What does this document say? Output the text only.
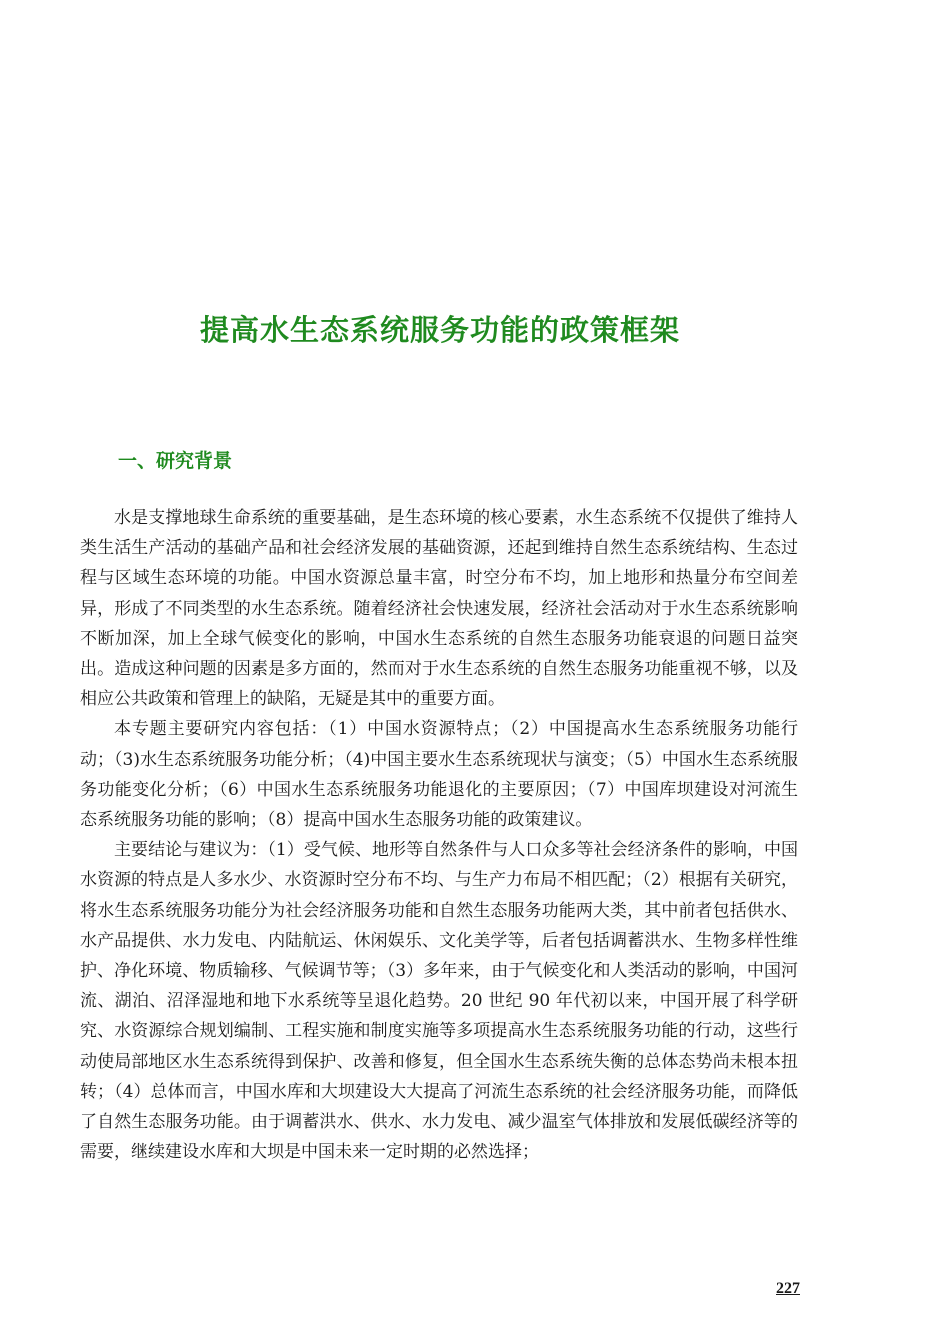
提高水生态系统服务功能的政策框架
一、研究背景

水是支撑地球生命系统的重要基础，是生态环境的核心要素，水生态系统不仅提供了维持人类生活生产活动的基础产品和社会经济发展的基础资源，还起到维持自然生态系统结构、生态过程与区域生态环境的功能。中国水资源总量丰富，时空分布不均，加上地形和热量分布空间差异，形成了不同类型的水生态系统。随着经济社会快速发展，经济社会活动对于水生态系统影响不断加深，加上全球气候变化的影响，中国水生态系统的自然生态服务功能衰退的问题日益突出。造成这种问题的因素是多方面的，然而对于水生态系统的自然生态服务功能重视不够，以及相应公共政策和管理上的缺陷，无疑是其中的重要方面。

本专题主要研究内容包括：（1）中国水资源特点；（2）中国提高水生态系统服务功能行动；（3)水生态系统服务功能分析；（4)中国主要水生态系统现状与演变；（5）中国水生态系统服务功能变化分析；（6）中国水生态系统服务功能退化的主要原因；（7）中国库坝建设对河流生态系统服务功能的影响；（8）提高中国水生态服务功能的政策建议。

主要结论与建议为：（1）受气候、地形等自然条件与人口众多等社会经济条件的影响，中国水资源的特点是人多水少、水资源时空分布不均、与生产力布局不相匹配；（2）根据有关研究，将水生态系统服务功能分为社会经济服务功能和自然生态服务功能两大类，其中前者包括供水、水产品提供、水力发电、内陆航运、休闲娱乐、文化美学等，后者包括调蓄洪水、生物多样性维护、净化环境、物质输移、气候调节等；（3）多年来，由于气候变化和人类活动的影响，中国河流、湖泊、沼泽湿地和地下水系统等呈退化趋势。20 世纪 90 年代初以来，中国开展了科学研究、水资源综合规划编制、工程实施和制度实施等多项提高水生态系统服务功能的行动，这些行动使局部地区水生态系统得到保护、改善和修复，但全国水生态系统失衡的总体态势尚未根本扭转；（4）总体而言，中国水库和大坝建设大大提高了河流生态系统的社会经济服务功能，而降低了自然生态服务功能。由于调蓄洪水、供水、水力发电、减少温室气体排放和发展低碳经济等的需要，继续建设水库和大坝是中国未来一定时期的必然选择；

227
